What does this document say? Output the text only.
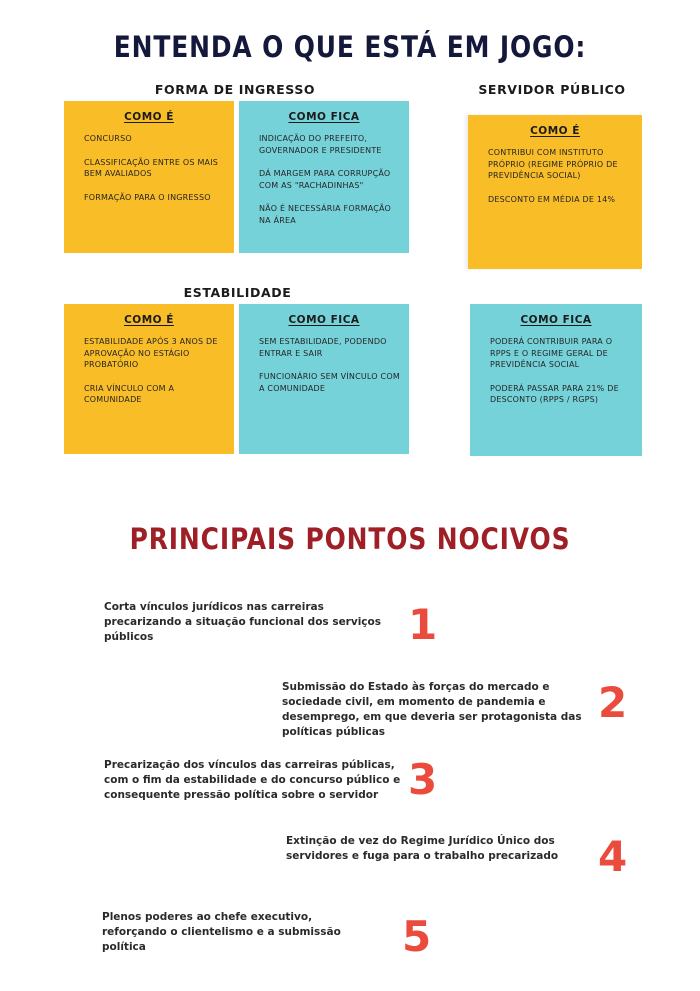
ENTENDA O QUE ESTÁ EM JOGO:
FORMA DE INGRESSO
COMO É

CONCURSO

CLASSIFICAÇÃO ENTRE OS MAIS BEM AVALIADOS

FORMAÇÃO PARA O INGRESSO

COMO FICA

INDICAÇÃO DO PREFEITO, GOVERNADOR E PRESIDENTE

DÁ MARGEM PARA CORRUPÇÃO COM AS "RACHADINHAS"

NÃO É NECESSÁRIA FORMAÇÃO NA ÁREA

SERVIDOR PÚBLICO
COMO É

CONTRIBUI COM INSTITUTO PRÓPRIO (REGIME PRÓPRIO DE PREVIDÊNCIA SOCIAL)

DESCONTO EM MÉDIA DE 14%

COMO FICA

PODERÁ CONTRIBUIR PARA O RPPS E O REGIME GERAL DE PREVIDÊNCIA SOCIAL

PODERÁ PASSAR PARA 21% DE DESCONTO (RPPS / RGPS)

ESTABILIDADE
COMO É

ESTABILIDADE APÓS 3 ANOS DE APROVAÇÃO NO ESTÁGIO PROBATÓRIO

CRIA VÍNCULO COM A COMUNIDADE

COMO FICA

SEM ESTABILIDADE, PODENDO ENTRAR E SAIR

FUNCIONÁRIO SEM VÍNCULO COM A COMUNIDADE

PRINCIPAIS PONTOS NOCIVOS
Corta vínculos jurídicos nas carreiras precarizando a situação funcional dos serviços públicos	1
Submissão do Estado às forças do mercado e sociedade civil, em momento de pandemia e desemprego, em que deveria ser protagonista das políticas públicas
2
Precarização dos vínculos das carreiras públicas, com o fim da estabilidade e do concurso público e consequente pressão política sobre o servidor 3
Extinção de vez do Regime Jurídico Único dos servidores e fuga para o trabalho precarizado 4
Plenos poderes ao chefe executivo, reforçando o clientelismo e a submissão política	5
